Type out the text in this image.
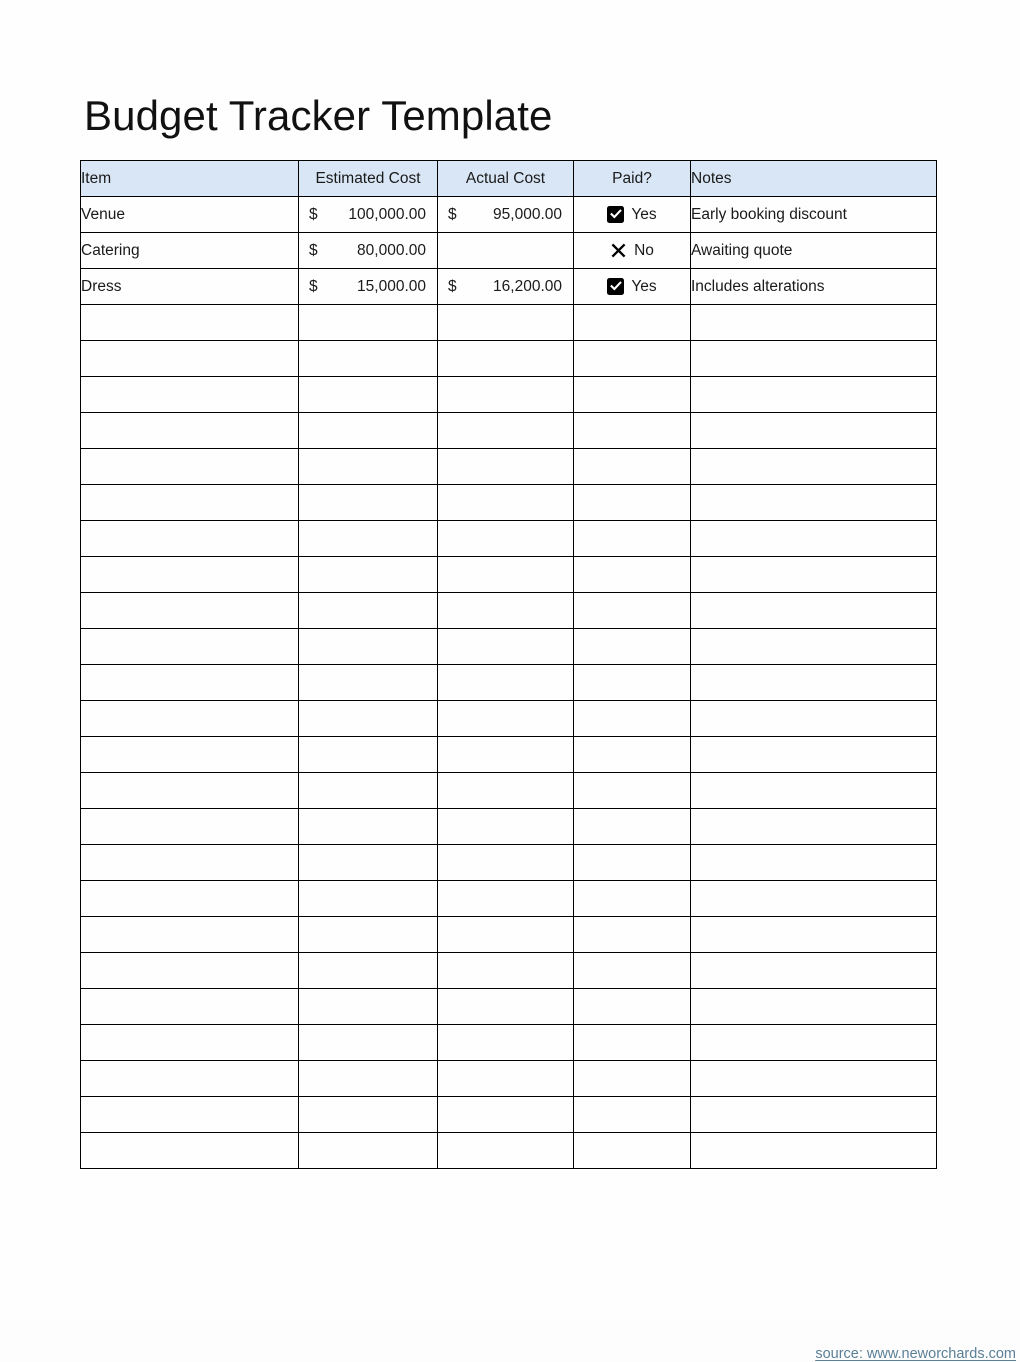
Budget Tracker Template
Item	Estimated Cost	Actual Cost	Paid?	Notes
Venue	$ 100,000.00	$ 95,000.00	Yes	Early booking discount
Catering	$ 80,000.00		No	Awaiting quote
Dress	$ 15,000.00	$ 16,200.00	Yes	Includes alterations

source: www.neworchards.com
